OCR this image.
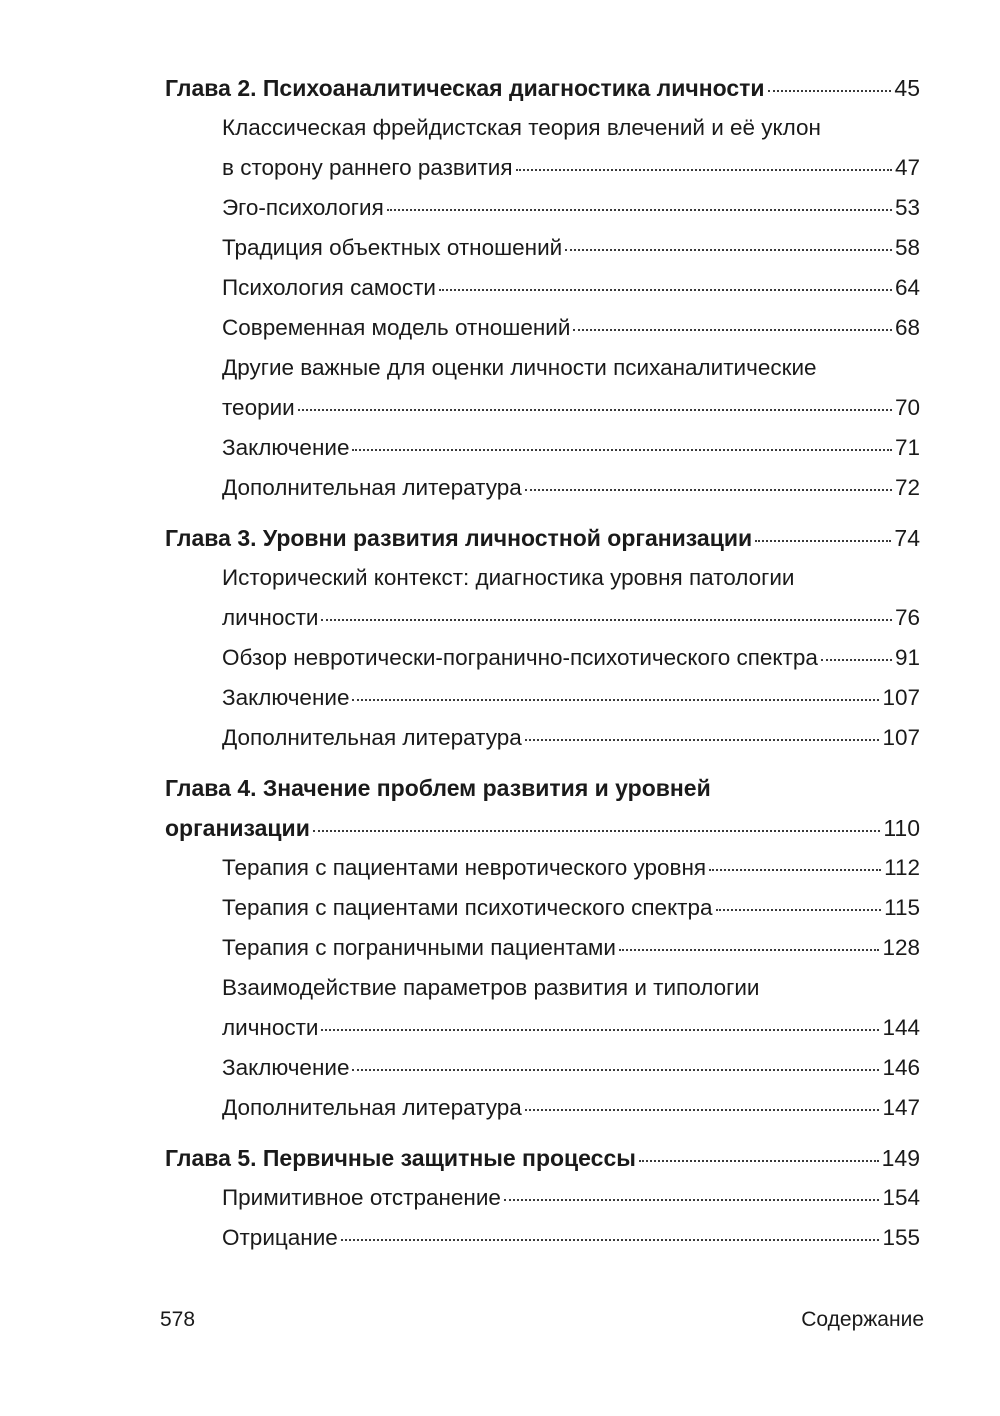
Глава 2. Психоаналитическая диагностика личности	45
Классическая фрейдистская теория влечений и её уклон
в сторону раннего развития	47
Эго-психология	53
Традиция объектных отношений	58
Психология самости	64
Современная модель отношений	68
Другие важные для оценки личности психаналитические
теории	70
Заключение	71
Дополнительная литература	72
Глава 3. Уровни развития личностной организации	74
Исторический контекст: диагностика уровня патологии
личности	76
Обзор невротически-погранично-психотического спектра	91
Заключение	107
Дополнительная литература	107
Глава 4. Значение проблем развития и уровней
организации	110
Терапия с пациентами невротического уровня	112
Терапия с пациентами психотического спектра	115
Терапия с пограничными пациентами	128
Взаимодействие параметров развития и типологии
личности	144
Заключение	146
Дополнительная литература	147
Глава 5. Первичные защитные процессы	149
Примитивное отстранение	154
Отрицание	155
578	Содержание
